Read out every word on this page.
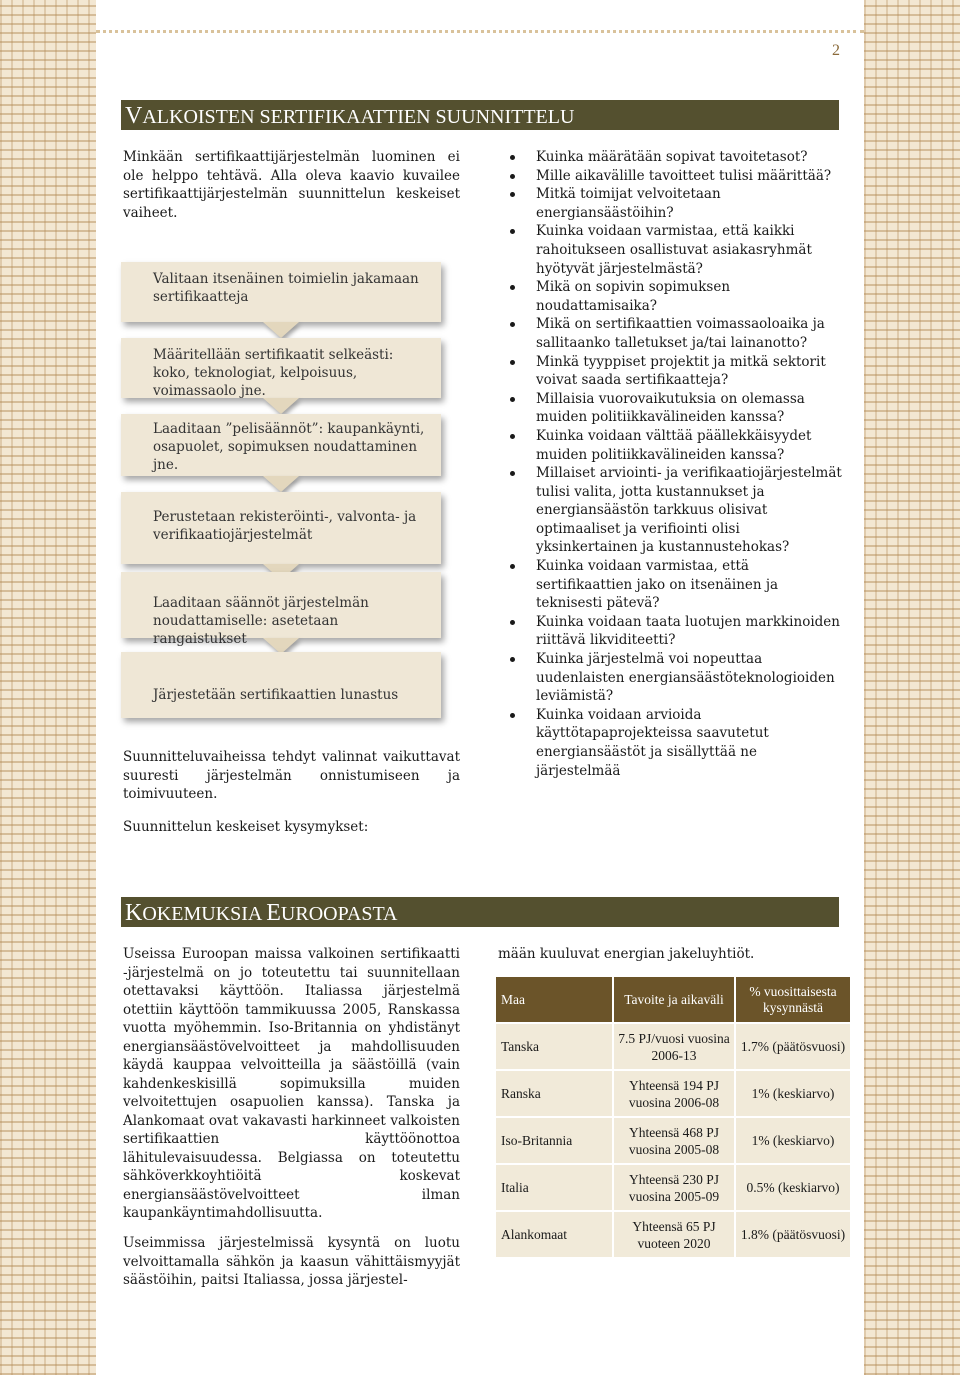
2
VALKOISTEN SERTIFIKAATTIEN SUUNNITTELU
Minkään sertifikaattijärjestelmän luominen ei ole helppo tehtävä. Alla oleva kaavio kuvailee sertifikaattijärjestelmän suunnittelun keskeiset vaiheet.
Valitaan itsenäinen toimielin jakamaan sertifikaatteja
Määritellään sertifikaatit selkeästi: koko, teknologiat, kelpoisuus, voimassaolo jne.
Laaditaan ”pelisäännöt”: kaupankäynti, osapuolet, sopimuksen noudattaminen jne.
Perustetaan rekisteröinti-, valvonta- ja verifikaatiojärjestelmät
Laaditaan säännöt järjestelmän noudattamiselle: asetetaan rangaistukset
Järjestetään sertifikaattien lunastus
Suunnitteluvaiheissa tehdyt valinnat vaikuttavat suuresti järjestelmän onnistumiseen ja toimivuuteen.
Suunnittelun keskeiset kysymykset:
Kuinka määrätään sopivat tavoitetasot?
Mille aikavälille tavoitteet tulisi määrittää?
Mitkä toimijat velvoitetaan energiansäästöihin?
Kuinka voidaan varmistaa, että kaikki rahoitukseen osallistuvat asiakasryhmät hyötyvät järjestelmästä?
Mikä on sopivin sopimuksen noudattamisaika?
Mikä on sertifikaattien voimassaoloaika ja sallitaanko talletukset ja/tai lainanotto?
Minkä tyyppiset projektit ja mitkä sektorit voivat saada sertifikaatteja?
Millaisia vuorovaikutuksia on olemassa muiden politiikkavälineiden kanssa?
Kuinka voidaan välttää päällekkäisyydet muiden politiikkavälineiden kanssa?
Millaiset arviointi- ja verifikaatiojärjestelmät tulisi valita, jotta kustannukset ja energiansäästön tarkkuus olisivat optimaaliset ja verifiointi olisi yksinkertainen ja kustannustehokas?
Kuinka voidaan varmistaa, että sertifikaattien jako on itsenäinen ja teknisesti pätevä?
Kuinka voidaan taata luotujen markkinoiden riittävä likviditeetti?
Kuinka järjestelmä voi nopeuttaa uudenlaisten energiansäästöteknologioiden leviämistä?
Kuinka voidaan arvioida käyttötapaprojekteissa saavutetut energiansäästöt ja sisällyttää ne järjestelmää
KOKEMUKSIA EUROOPASTA
Useissa Euroopan maissa valkoinen sertifikaatti -järjestelmä on jo toteutettu tai suunnitellaan otettavaksi käyttöön. Italiassa järjestelmä otettiin käyttöön tammikuussa 2005, Ranskassa vuotta myöhemmin. Iso-Britannia on yhdistänyt energiansäästövelvoitteet ja mahdollisuuden käydä kauppaa velvoitteilla ja säästöillä (vain kahdenkeskisillä sopimuksilla muiden velvoitettujen osapuolien kanssa). Tanska ja Alankomaat ovat vakavasti harkinneet valkoisten sertifikaattien käyttöönottoa lähitulevaisuudessa. Belgiassa on toteutettu sähköverkkoyhtiöitä koskevat energiansäästövelvoitteet ilman kaupankäyntimahdollisuutta.
Useimmissa järjestelmissä kysyntä on luotu velvoittamalla sähkön ja kaasun vähittäismyyjät säästöihin, paitsi Italiassa, jossa järjestel-
mään kuuluvat energian jakeluyhtiöt.
Maa	Tavoite ja aikaväli	% vuosittaisesta kysynnästä
Tanska	7.5 PJ/vuosi vuosina 2006-13	1.7% (päätösvuosi)
Ranska	Yhteensä 194 PJ vuosina 2006-08	1% (keskiarvo)
Iso-Britannia	Yhteensä 468 PJ vuosina 2005-08	1% (keskiarvo)
Italia	Yhteensä 230 PJ vuosina 2005-09	0.5% (keskiarvo)
Alankomaat	Yhteensä 65 PJ vuoteen 2020	1.8% (päätösvuosi)
